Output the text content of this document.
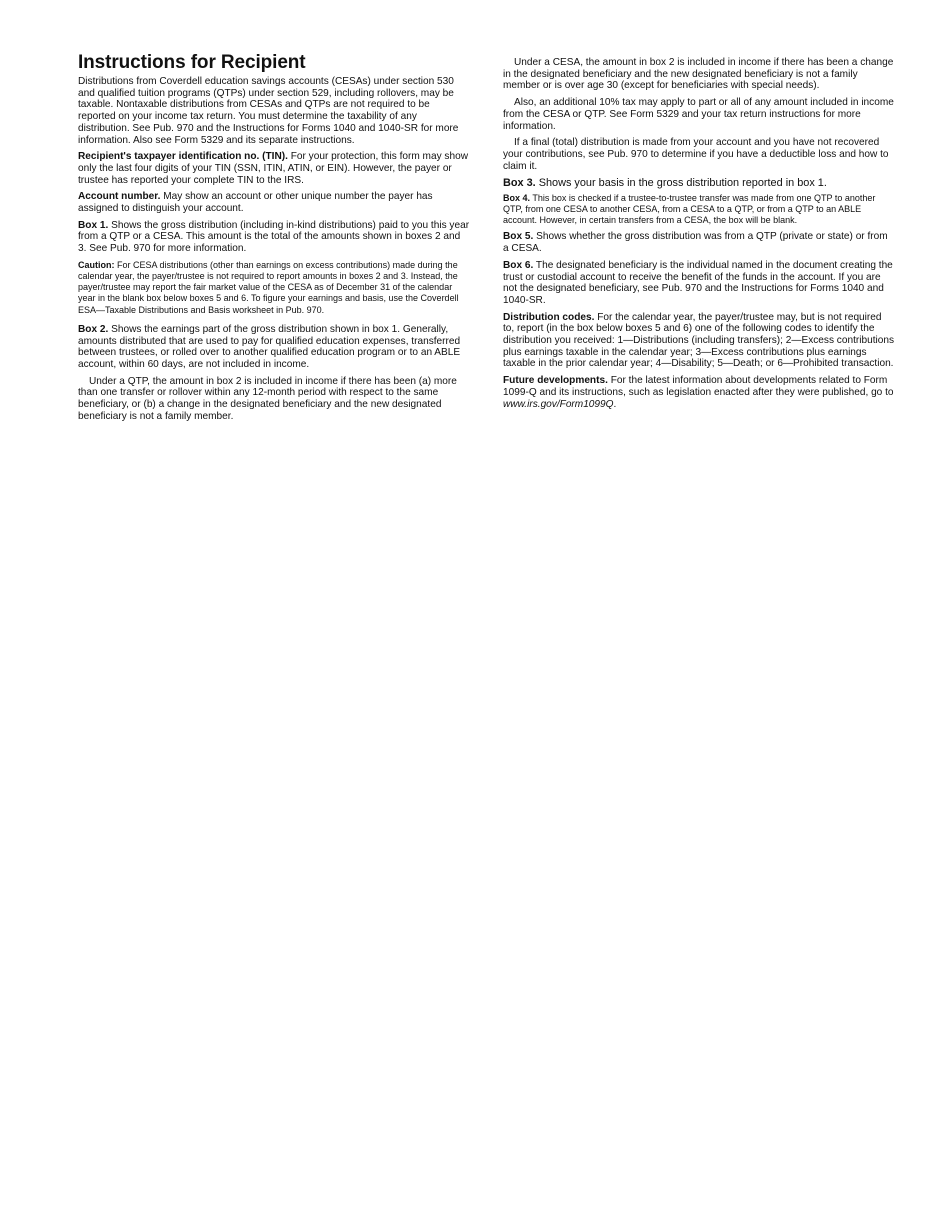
Instructions for Recipient

Distributions from Coverdell education savings accounts (CESAs) under section 530 and qualified tuition programs (QTPs) under section 529, including rollovers, may be taxable. Nontaxable distributions from CESAs and QTPs are not required to be reported on your income tax return. You must determine the taxability of any distribution. See Pub. 970 and the Instructions for Forms 1040 and 1040-SR for more information. Also see Form 5329 and its separate instructions.

Recipient's taxpayer identification no. (TIN). For your protection, this form may show only the last four digits of your TIN (SSN, ITIN, ATIN, or EIN). However, the payer or trustee has reported your complete TIN to the IRS.

Account number. May show an account or other unique number the payer has assigned to distinguish your account.

Box 1. Shows the gross distribution (including in-kind distributions) paid to you this year from a QTP or a CESA. This amount is the total of the amounts shown in boxes 2 and 3. See Pub. 970 for more information.

Caution: For CESA distributions (other than earnings on excess contributions) made during the calendar year, the payer/trustee is not required to report amounts in boxes 2 and 3. Instead, the payer/trustee may report the fair market value of the CESA as of December 31 of the calendar year in the blank box below boxes 5 and 6. To figure your earnings and basis, use the Coverdell ESA—Taxable Distributions and Basis worksheet in Pub. 970.

Box 2. Shows the earnings part of the gross distribution shown in box 1. Generally, amounts distributed that are used to pay for qualified education expenses, transferred between trustees, or rolled over to another qualified education program or to an ABLE account, within 60 days, are not included in income.

Under a QTP, the amount in box 2 is included in income if there has been (a) more than one transfer or rollover within any 12-month period with respect to the same beneficiary, or (b) a change in the designated beneficiary and the new designated beneficiary is not a family member.

Under a CESA, the amount in box 2 is included in income if there has been a change in the designated beneficiary and the new designated beneficiary is not a family member or is over age 30 (except for beneficiaries with special needs).

Also, an additional 10% tax may apply to part or all of any amount included in income from the CESA or QTP. See Form 5329 and your tax return instructions for more information.

If a final (total) distribution is made from your account and you have not recovered your contributions, see Pub. 970 to determine if you have a deductible loss and how to claim it.

Box 3. Shows your basis in the gross distribution reported in box 1.

Box 4. This box is checked if a trustee-to-trustee transfer was made from one QTP to another QTP, from one CESA to another CESA, from a CESA to a QTP, or from a QTP to an ABLE account. However, in certain transfers from a CESA, the box will be blank.

Box 5. Shows whether the gross distribution was from a QTP (private or state) or from a CESA.

Box 6. The designated beneficiary is the individual named in the document creating the trust or custodial account to receive the benefit of the funds in the account. If you are not the designated beneficiary, see Pub. 970 and the Instructions for Forms 1040 and 1040-SR.

Distribution codes. For the calendar year, the payer/trustee may, but is not required to, report (in the box below boxes 5 and 6) one of the following codes to identify the distribution you received: 1—Distributions (including transfers); 2—Excess contributions plus earnings taxable in the calendar year; 3—Excess contributions plus earnings taxable in the prior calendar year; 4—Disability; 5—Death; or 6—Prohibited transaction.

Future developments. For the latest information about developments related to Form 1099-Q and its instructions, such as legislation enacted after they were published, go to www.irs.gov/Form1099Q.
